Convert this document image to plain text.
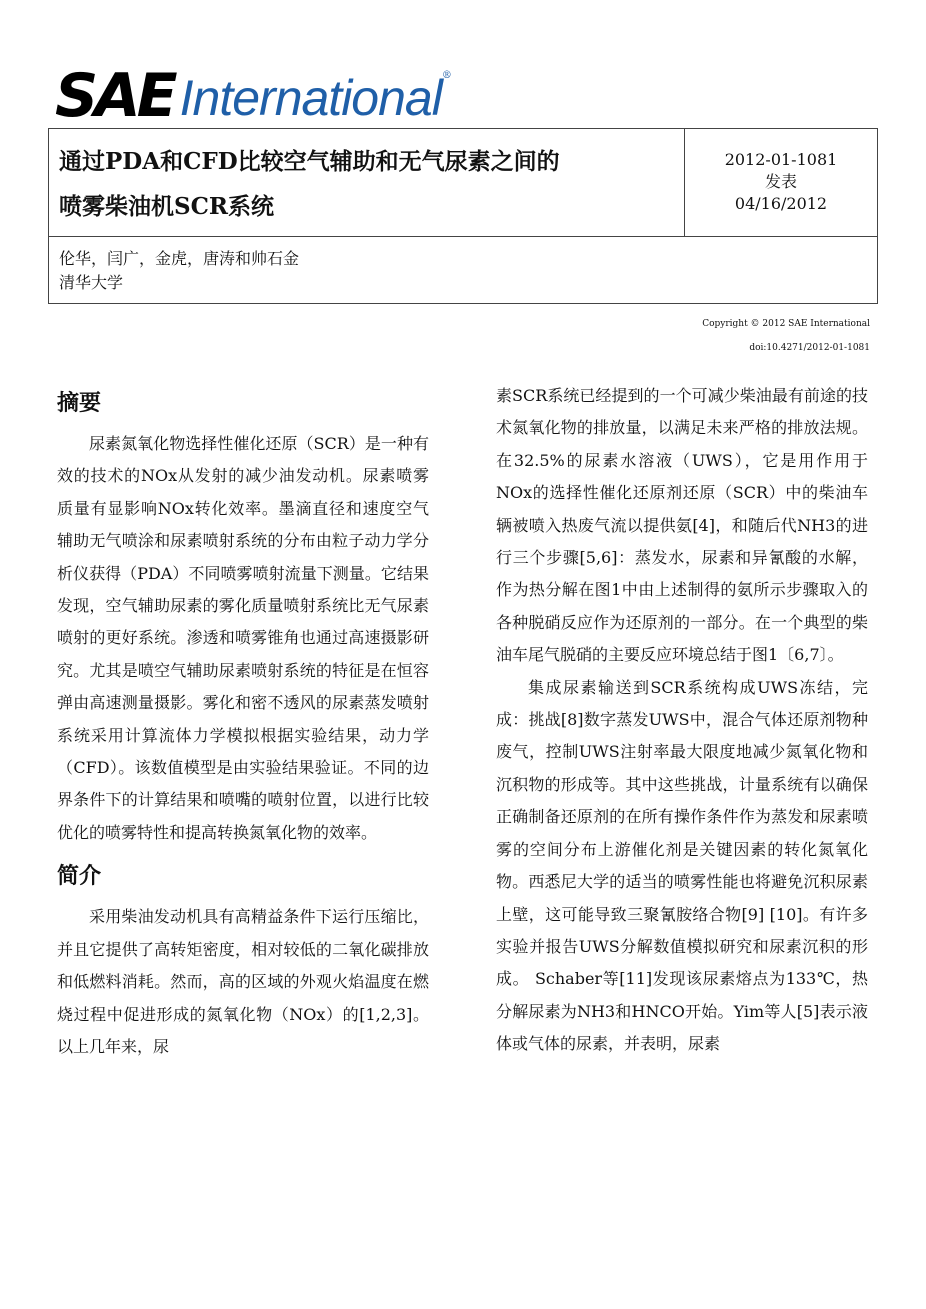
SAE International ®
通过PDA和CFD比较空气辅助和无气尿素之间的
喷雾柴油机SCR系统
2012-01-1081
发表
04/16/2012
伦华，闫广，金虎，唐涛和帅石金
清华大学
Copyright © 2012 SAE International
doi:10.4271/2012-01-1081
摘要

尿素氮氧化物选择性催化还原（SCR）是一种有效的技术的NOx从发射的减少油发动机。尿素喷雾质量有显影响NOx转化效率。墨滴直径和速度空气辅助无气喷涂和尿素喷射系统的分布由粒子动力学分析仪获得（PDA）不同喷雾喷射流量下测量。它结果发现，空气辅助尿素的雾化质量喷射系统比无气尿素喷射的更好系统。渗透和喷雾锥角也通过高速摄影研究。尤其是喷空气辅助尿素喷射系统的特征是在恒容弹由高速测量摄影。雾化和密不透风的尿素蒸发喷射系统采用计算流体力学模拟根据实验结果，动力学（CFD）。该数值模型是由实验结果验证。不同的边界条件下的计算结果和喷嘴的喷射位置，以进行比较优化的喷雾特性和提高转换氮氧化物的效率。

简介

采用柴油发动机具有高精益条件下运行压缩比，并且它提供了高转矩密度，相对较低的二氧化碳排放和低燃料消耗。然而，高的区域的外观火焰温度在燃烧过程中促进形成的氮氧化物（NOx）的[1,2,3]。以上几年来，尿

素SCR系统已经提到的一个可减少柴油最有前途的技术氮氧化物的排放量，以满足未来严格的排放法规。在32.5%的尿素水溶液（UWS），它是用作用于NOx的选择性催化还原剂还原（SCR）中的柴油车辆被喷入热废气流以提供氨[4]，和随后代NH3的进行三个步骤[5,6]：蒸发水，尿素和异氰酸的水解，作为热分解在图1中由上述制得的氨所示步骤取入的各种脱硝反应作为还原剂的一部分。在一个典型的柴油车尾气脱硝的主要反应环境总结于图1〔6,7〕。

集成尿素输送到SCR系统构成UWS冻结，完成：挑战[8]数字蒸发UWS中，混合气体还原剂物种废气，控制UWS注射率最大限度地减少氮氧化物和沉积物的形成等。其中这些挑战，计量系统有以确保正确制备还原剂的在所有操作条件作为蒸发和尿素喷雾的空间分布上游催化剂是关键因素的转化氮氧化物。西悉尼大学的适当的喷雾性能也将避免沉积尿素上壁，这可能导致三聚氰胺络合物[9] [10]。有许多实验并报告UWS分解数值模拟研究和尿素沉积的形成。 Schaber等[11]发现该尿素熔点为133℃，热分解尿素为NH3和HNCO开始。Yim等人[5]表示液体或气体的尿素，并表明，尿素
